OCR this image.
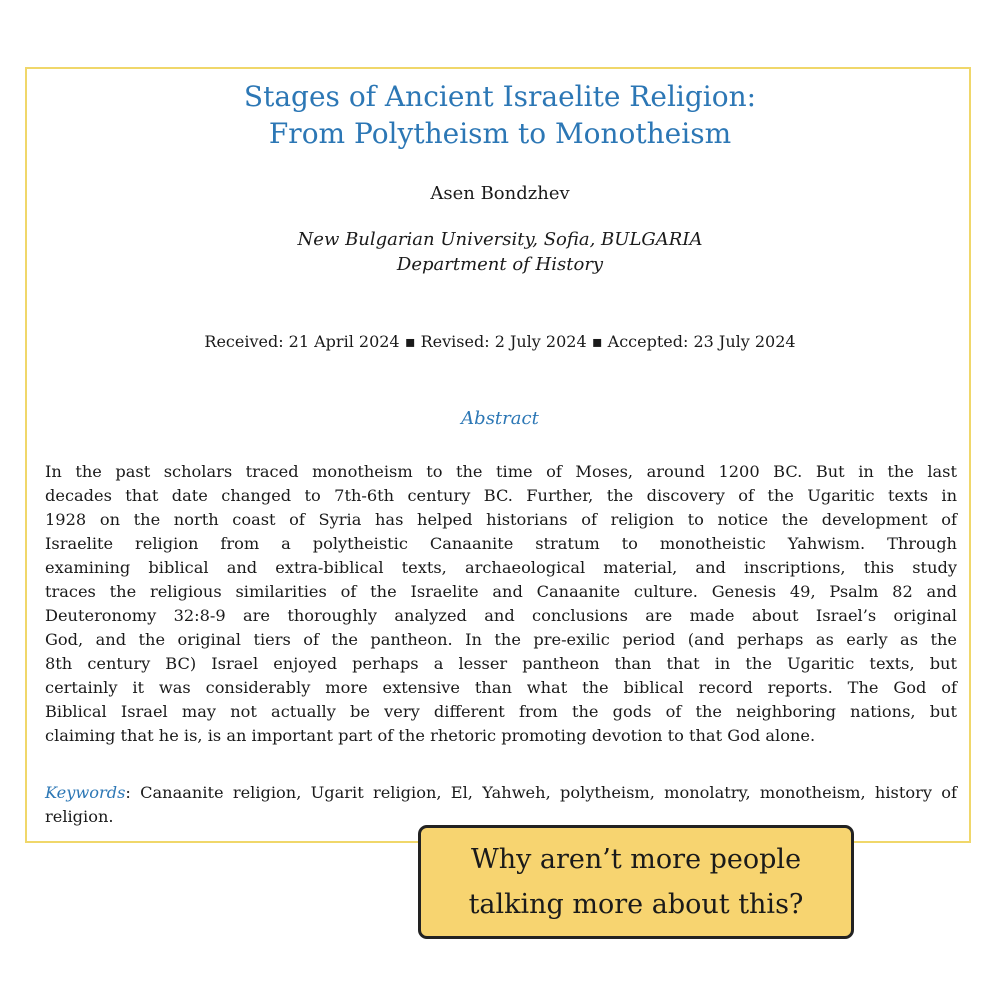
Stages of Ancient Israelite Religion:
From Polytheism to Monotheism
Asen Bondzhev
New Bulgarian University, Sofia, BULGARIA
Department of History
Received: 21 April 2024 ▪ Revised: 2 July 2024 ▪ Accepted: 23 July 2024
Abstract

In the past scholars traced monotheism to the time of Moses, around 1200 BC. But in the last

decades that date changed to 7th-6th century BC. Further, the discovery of the Ugaritic texts in

1928 on the north coast of Syria has helped historians of religion to notice the development of

Israelite religion from a polytheistic Canaanite stratum to monotheistic Yahwism. Through

examining biblical and extra-biblical texts, archaeological material, and inscriptions, this study

traces the religious similarities of the Israelite and Canaanite culture. Genesis 49, Psalm 82 and

Deuteronomy 32:8-9 are thoroughly analyzed and conclusions are made about Israel’s original

God, and the original tiers of the pantheon. In the pre-exilic period (and perhaps as early as the

8th century BC) Israel enjoyed perhaps a lesser pantheon than that in the Ugaritic texts, but

certainly it was considerably more extensive than what the biblical record reports. The God of

Biblical Israel may not actually be very different from the gods of the neighboring nations, but

claiming that he is, is an important part of the rhetoric promoting devotion to that God alone.

Keywords: Canaanite religion, Ugarit religion, El, Yahweh, polytheism, monolatry, monotheism, history of religion.
Why aren’t more people
talking more about this?
